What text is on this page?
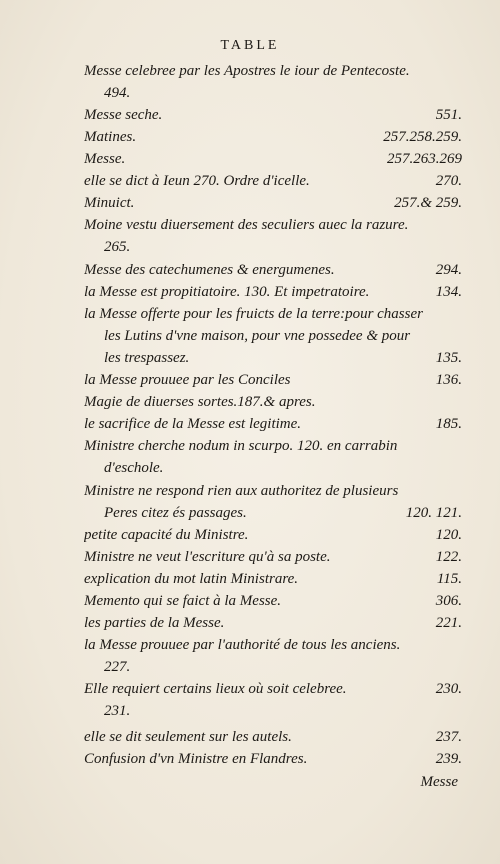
TABLE
Messe celebree par les Apostres le iour de Pentecoste.
494.
Messe seche.	551.
Matines.	257.258.259.
Messe.	257.263.269
elle se dict à Ieun 270. Ordre d'icelle.	270.
Minuict.	257.& 259.
Moine vestu diuersement des seculiers auec la razure.
265.
Messe des catechumenes & energumenes.	294.
la Messe est propitiatoire. 130. Et impetratoire.	134.
la Messe offerte pour les fruicts de la terre:pour chasser
les Lutins d'vne maison, pour vne possedee & pour
les trespassez.	135.
la Messe prouuee par les Conciles	136.
Magie de diuerses sortes.187.& apres.
le sacrifice de la Messe est legitime.	185.
Ministre cherche nodum in scurpo. 120. en carrabin
d'eschole.
Ministre ne respond rien aux authoritez de plusieurs
Peres citez és passages.	120. 121.
petite capacité du Ministre.	120.
Ministre ne veut l'escriture qu'à sa poste.	122.
explication du mot latin Ministrare.	115.
Memento qui se faict à la Messe.	306.
les parties de la Messe.	221.
la Messe prouuee par l'authorité de tous les anciens.
227.
Elle requiert certains lieux où soit celebree.	230.
231.
elle se dit seulement sur les autels.	237.
Confusion d'vn Ministre en Flandres.	239.
Messe
